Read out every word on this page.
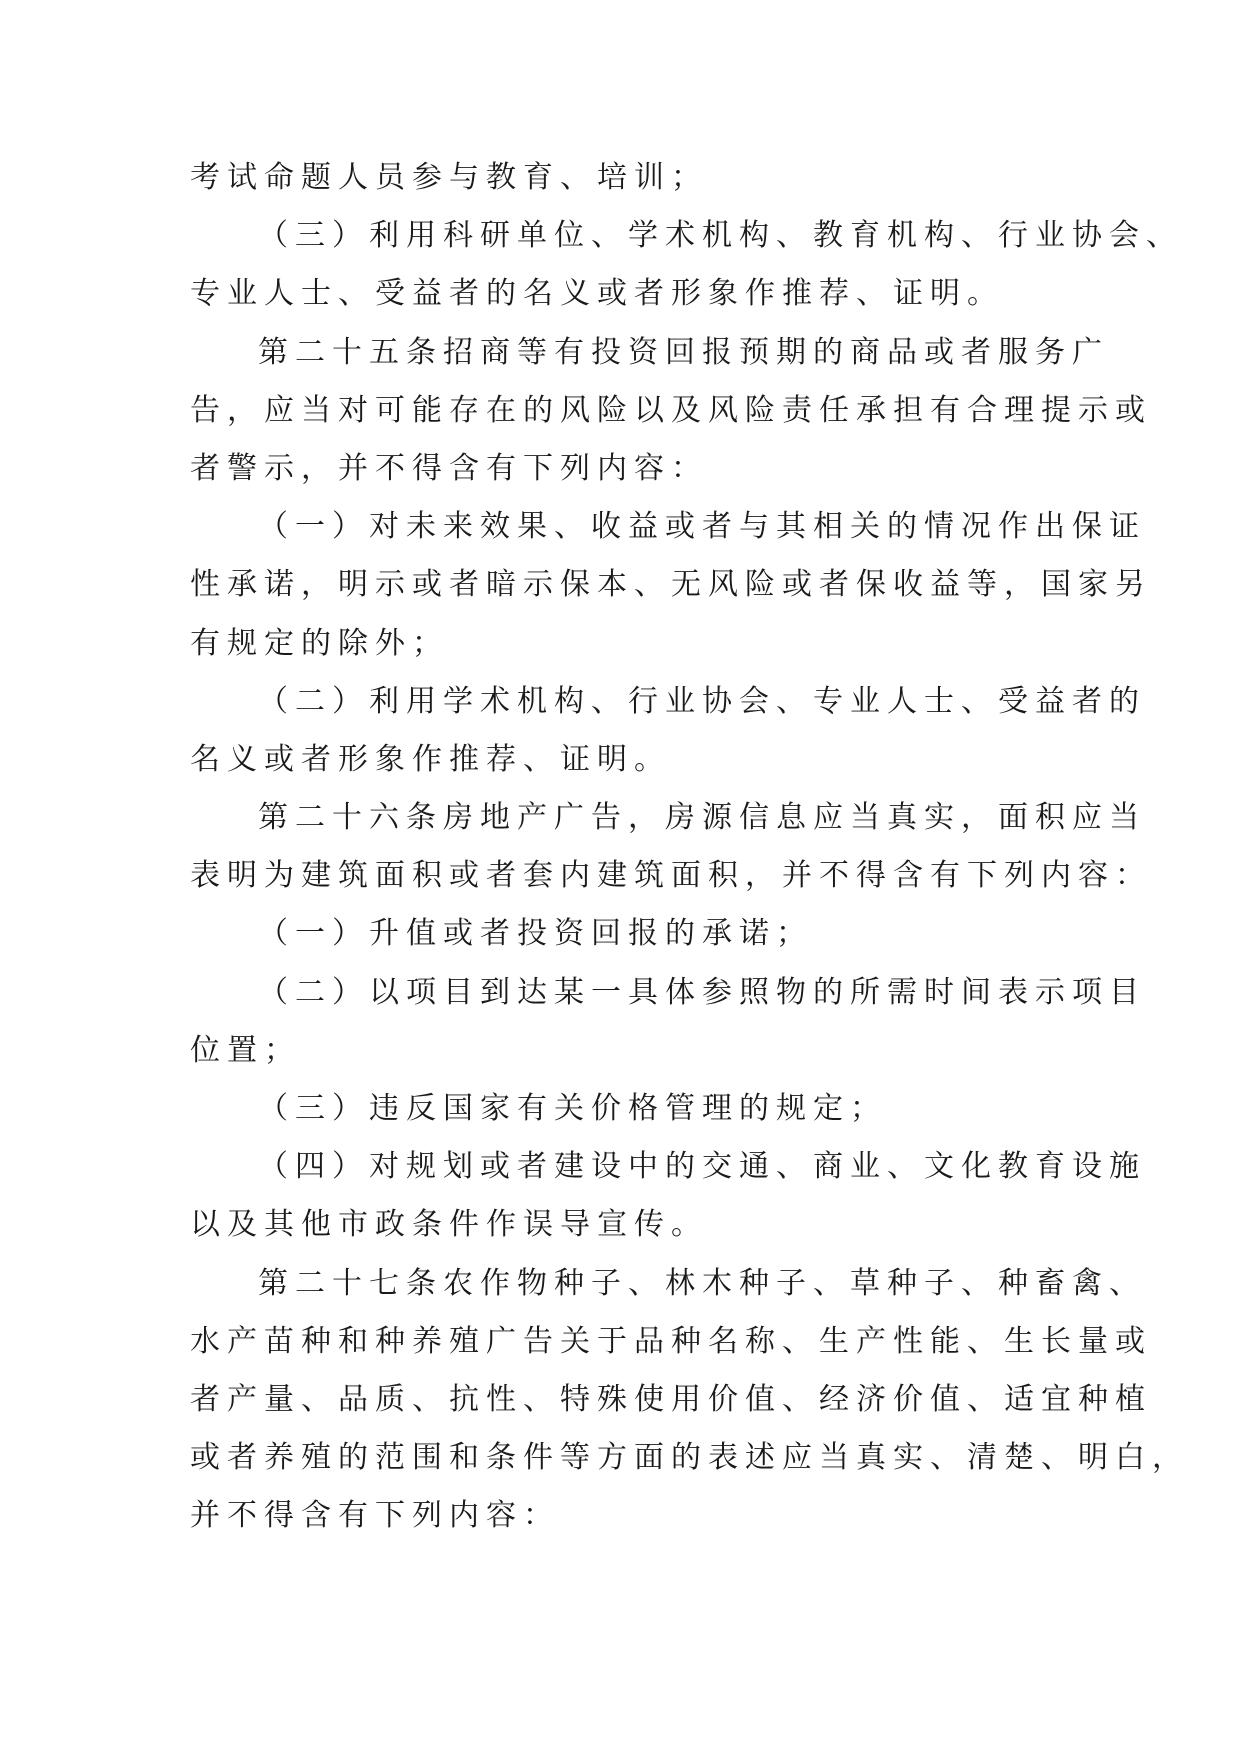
考试命题人员参与教育、培训；
（三）利用科研单位、学术机构、教育机构、行业协会、
专业人士、受益者的名义或者形象作推荐、证明。
第二十五条招商等有投资回报预期的商品或者服务广
告，应当对可能存在的风险以及风险责任承担有合理提示或
者警示，并不得含有下列内容：
（一）对未来效果、收益或者与其相关的情况作出保证
性承诺，明示或者暗示保本、无风险或者保收益等，国家另
有规定的除外；
（二）利用学术机构、行业协会、专业人士、受益者的
名义或者形象作推荐、证明。
第二十六条房地产广告，房源信息应当真实，面积应当
表明为建筑面积或者套内建筑面积，并不得含有下列内容：
（一）升值或者投资回报的承诺；
（二）以项目到达某一具体参照物的所需时间表示项目
位置；
（三）违反国家有关价格管理的规定；
（四）对规划或者建设中的交通、商业、文化教育设施
以及其他市政条件作误导宣传。
第二十七条农作物种子、林木种子、草种子、种畜禽、
水产苗种和种养殖广告关于品种名称、生产性能、生长量或
者产量、品质、抗性、特殊使用价值、经济价值、适宜种植
或者养殖的范围和条件等方面的表述应当真实、清楚、明白，
并不得含有下列内容：
